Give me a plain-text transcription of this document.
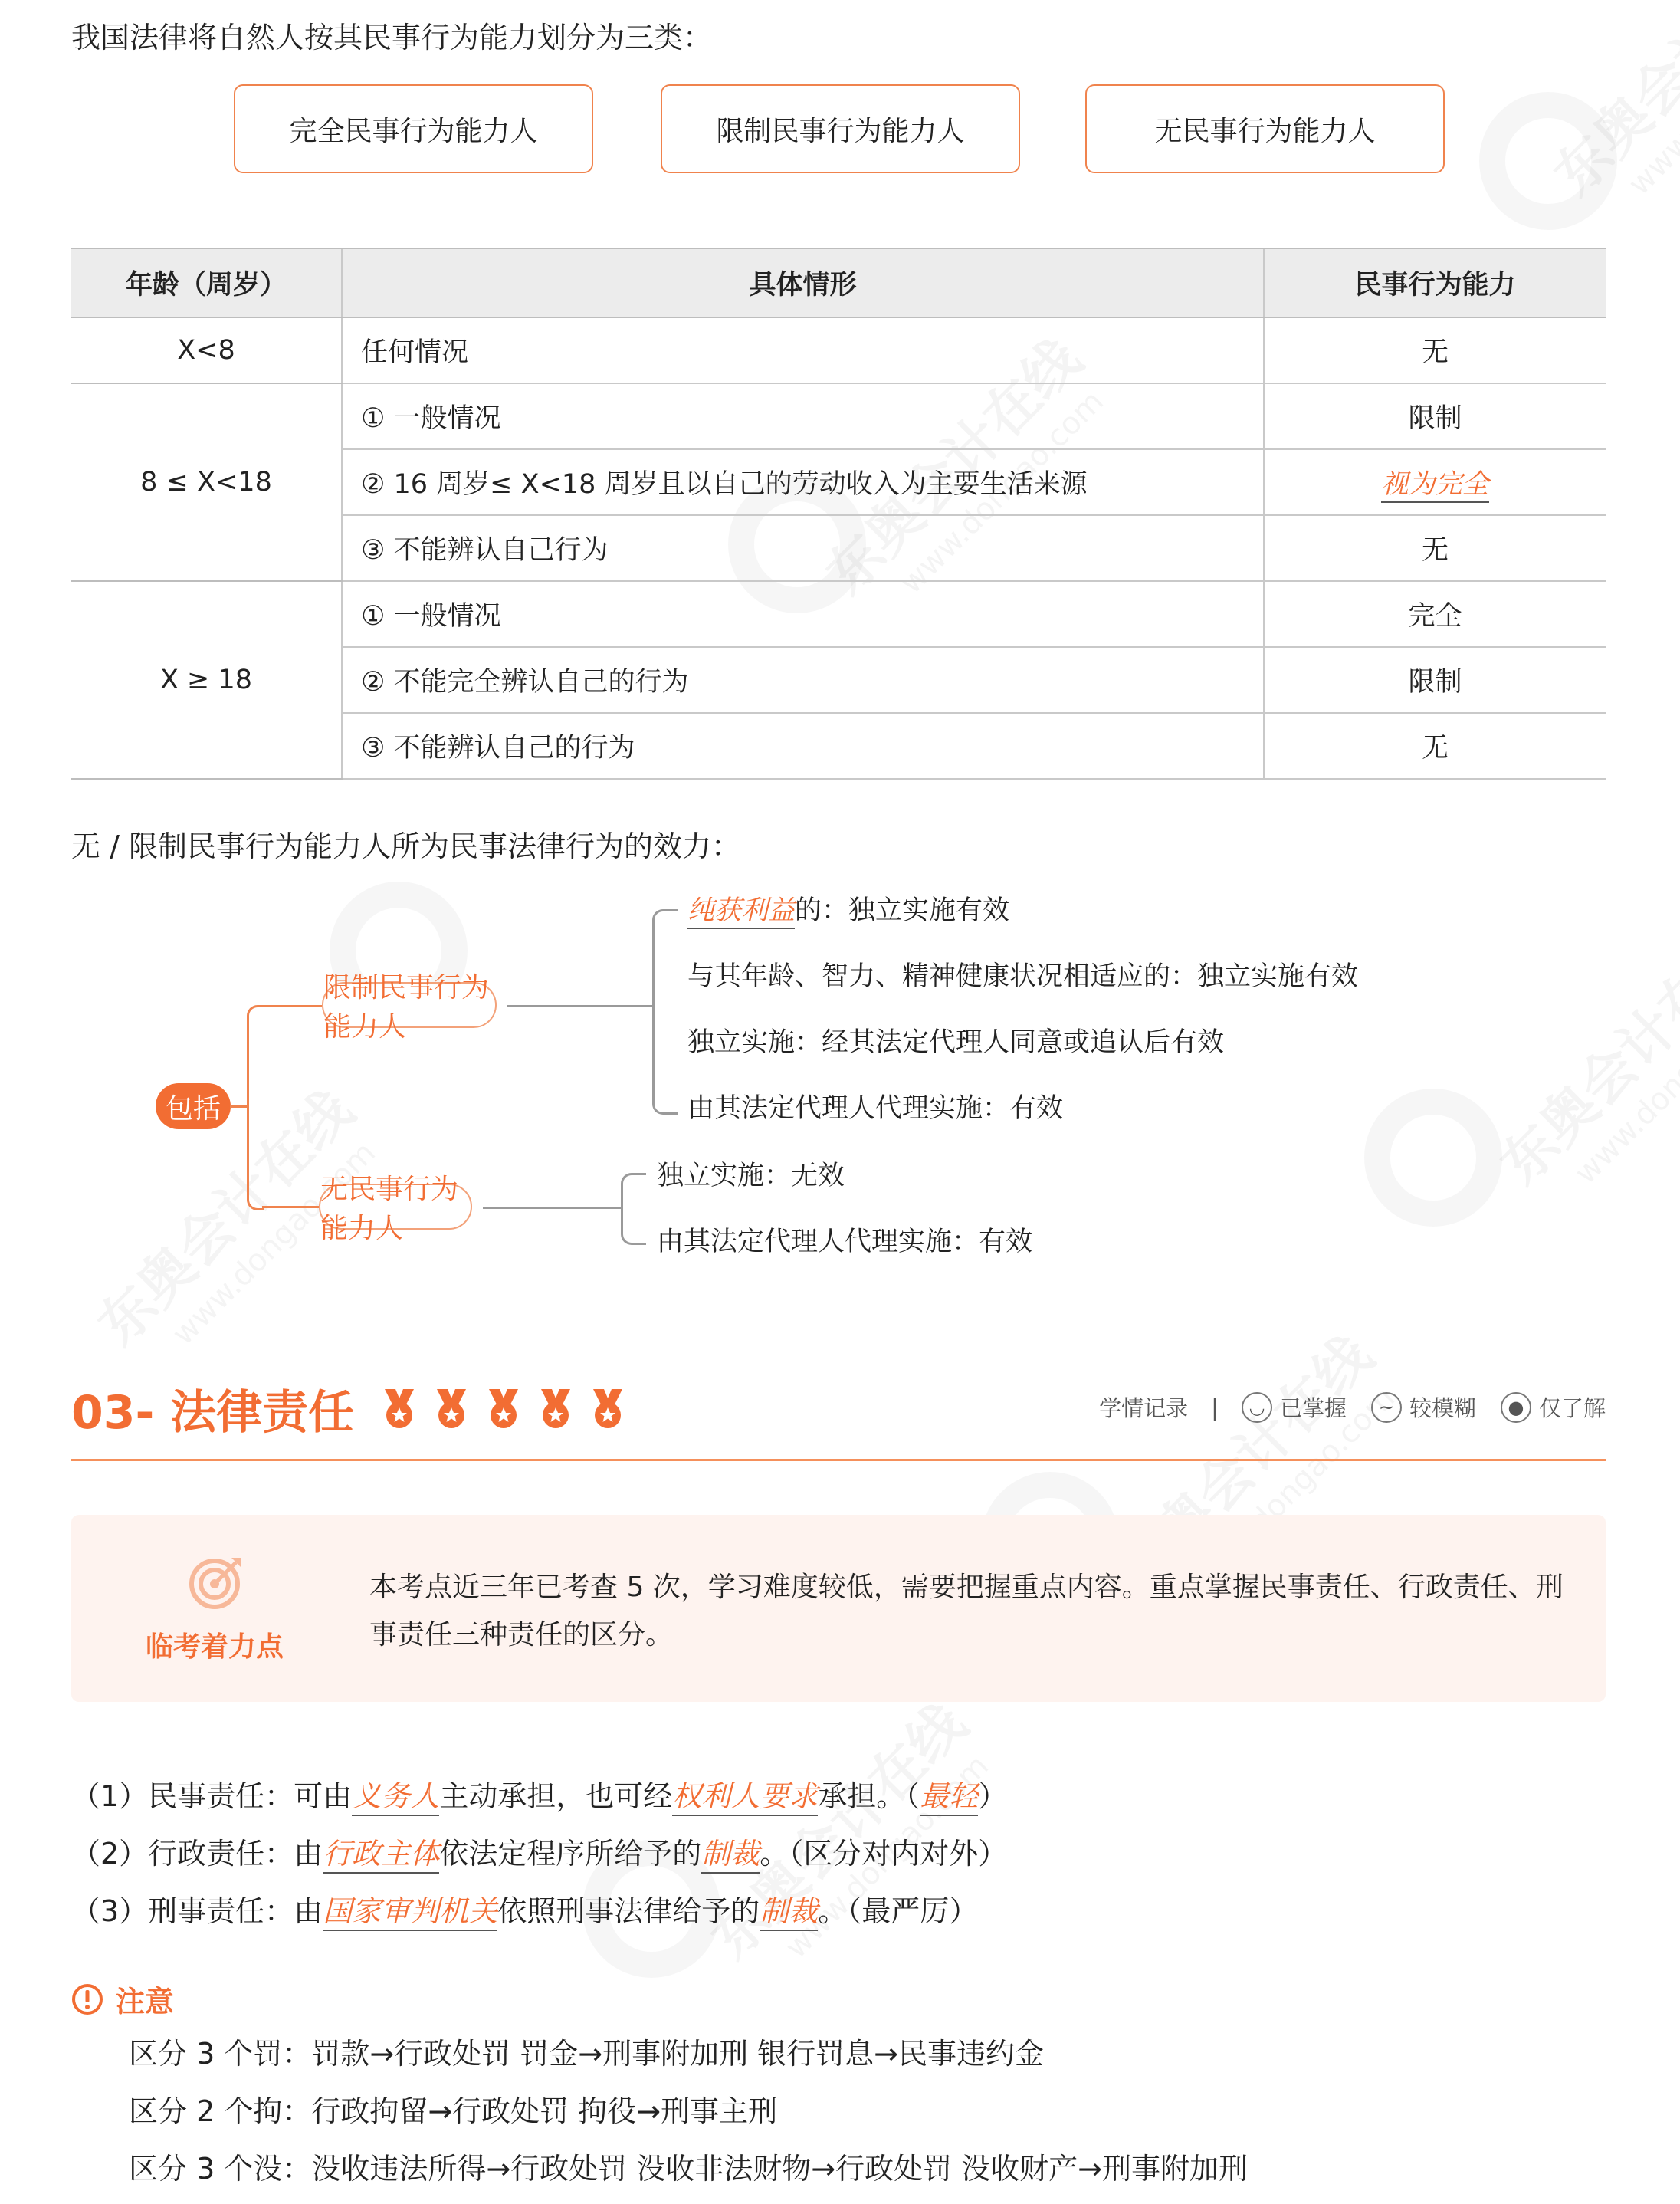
我国法律将自然人按其民事行为能力划分为三类：
完全民事行为能力人	限制民事行为能力人	无民事行为能力人
年龄（周岁）	具体情形	民事行为能力
X<8	任何情况	无
8 ≤ X<18	① 一般情况	限制
	② 16 周岁≤ X<18 周岁且以自己的劳动收入为主要生活来源	视为完全
	③ 不能辨认自己行为	无
X ≥ 18	① 一般情况	完全
	② 不能完全辨认自己的行为	限制
	③ 不能辨认自己的行为	无
无 / 限制民事行为能力人所为民事法律行为的效力：
包括
限制民事行为能力人
无民事行为能力人
纯获利益的：独立实施有效
与其年龄、智力、精神健康状况相适应的：独立实施有效
独立实施：经其法定代理人同意或追认后有效
由其法定代理人代理实施：有效
独立实施：无效
由其法定代理人代理实施：有效
03- 法律责任	学情记录 |	◡ 已掌握	~ 较模糊	● 仅了解
临考着力点
本考点近三年已考查 5 次，学习难度较低，需要把握重点内容。重点掌握民事责任、行政责任、刑事责任三种责任的区分。
（1）民事责任：可由义务人主动承担，也可经权利人要求承担。（最轻）
（2）行政责任：由行政主体依法定程序所给予的制裁。（区分对内对外）
（3）刑事责任：由国家审判机关依照刑事法律给予的制裁。（最严厉）
注意
区分 3 个罚：罚款→行政处罚 罚金→刑事附加刑 银行罚息→民事违约金
区分 2 个拘：行政拘留→行政处罚 拘役→刑事主刑
区分 3 个没：没收违法所得→行政处罚 没收非法财物→行政处罚 没收财产→刑事附加刑
